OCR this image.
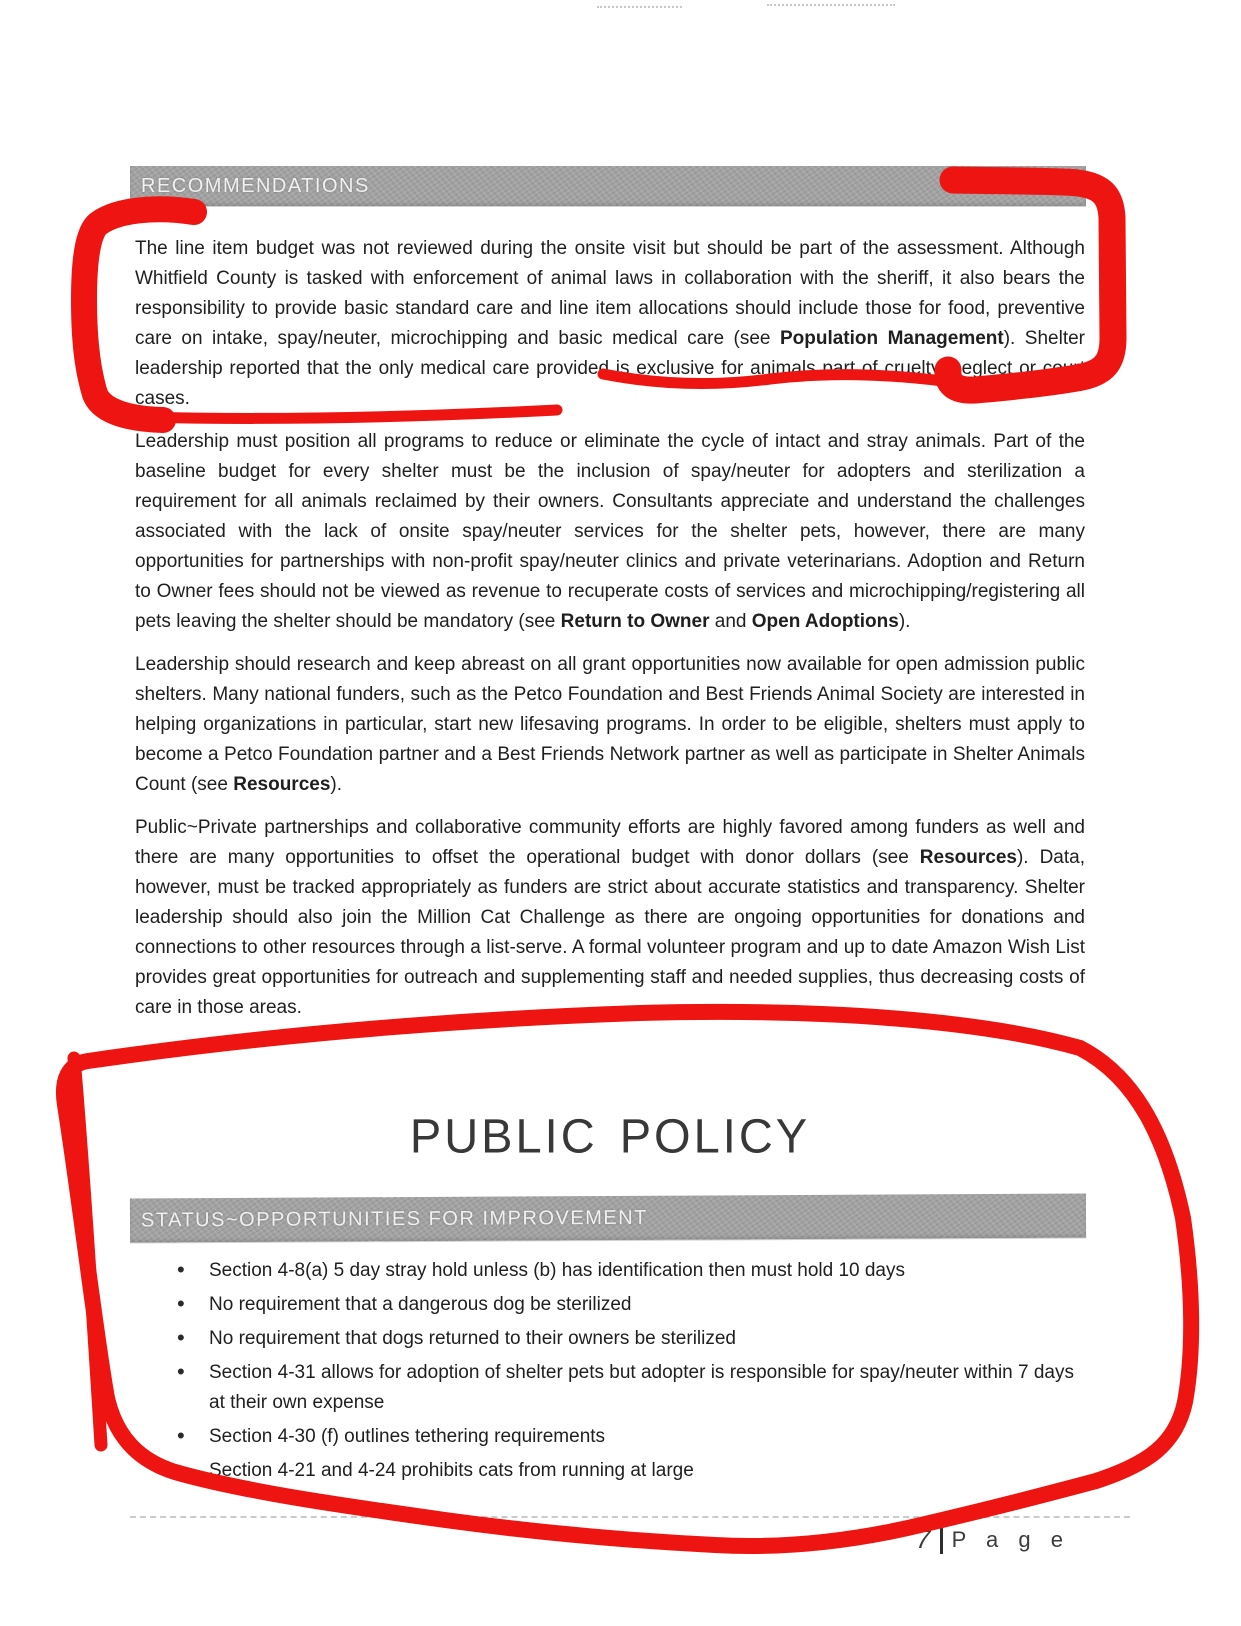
RECOMMENDATIONS

The line item budget was not reviewed during the onsite visit but should be part of the assessment. Although Whitfield County is tasked with enforcement of animal laws in collaboration with the sheriff, it also bears the responsibility to provide basic standard care and line item allocations should include those for food, preventive care on intake, spay/neuter, microchipping and basic medical care (see Population Management). Shelter leadership reported that the only medical care provided is exclusive for animals part of cruelty, neglect or court cases.

Leadership must position all programs to reduce or eliminate the cycle of intact and stray animals. Part of the baseline budget for every shelter must be the inclusion of spay/neuter for adopters and sterilization a requirement for all animals reclaimed by their owners. Consultants appreciate and understand the challenges associated with the lack of onsite spay/neuter services for the shelter pets, however, there are many opportunities for partnerships with non-profit spay/neuter clinics and private veterinarians. Adoption and Return to Owner fees should not be viewed as revenue to recuperate costs of services and microchipping/registering all pets leaving the shelter should be mandatory (see Return to Owner and Open Adoptions).

Leadership should research and keep abreast on all grant opportunities now available for open admission public shelters. Many national funders, such as the Petco Foundation and Best Friends Animal Society are interested in helping organizations in particular, start new lifesaving programs. In order to be eligible, shelters must apply to become a Petco Foundation partner and a Best Friends Network partner as well as participate in Shelter Animals Count (see Resources).

Public~Private partnerships and collaborative community efforts are highly favored among funders as well and there are many opportunities to offset the operational budget with donor dollars (see Resources). Data, however, must be tracked appropriately as funders are strict about accurate statistics and transparency. Shelter leadership should also join the Million Cat Challenge as there are ongoing opportunities for donations and connections to other resources through a list-serve. A formal volunteer program and up to date Amazon Wish List provides great opportunities for outreach and supplementing staff and needed supplies, thus decreasing costs of care in those areas.

PUBLIC POLICY
STATUS~OPPORTUNITIES FOR IMPROVEMENT
• Section 4-8(a) 5 day stray hold unless (b) has identification then must hold 10 days
• No requirement that a dangerous dog be sterilized
• No requirement that dogs returned to their owners be sterilized
• Section 4-31 allows for adoption of shelter pets but adopter is responsible for spay/neuter within 7 days at their own expense
• Section 4-30 (f) outlines tethering requirements
• Section 4-21 and 4-24 prohibits cats from running at large
7 P a g e
